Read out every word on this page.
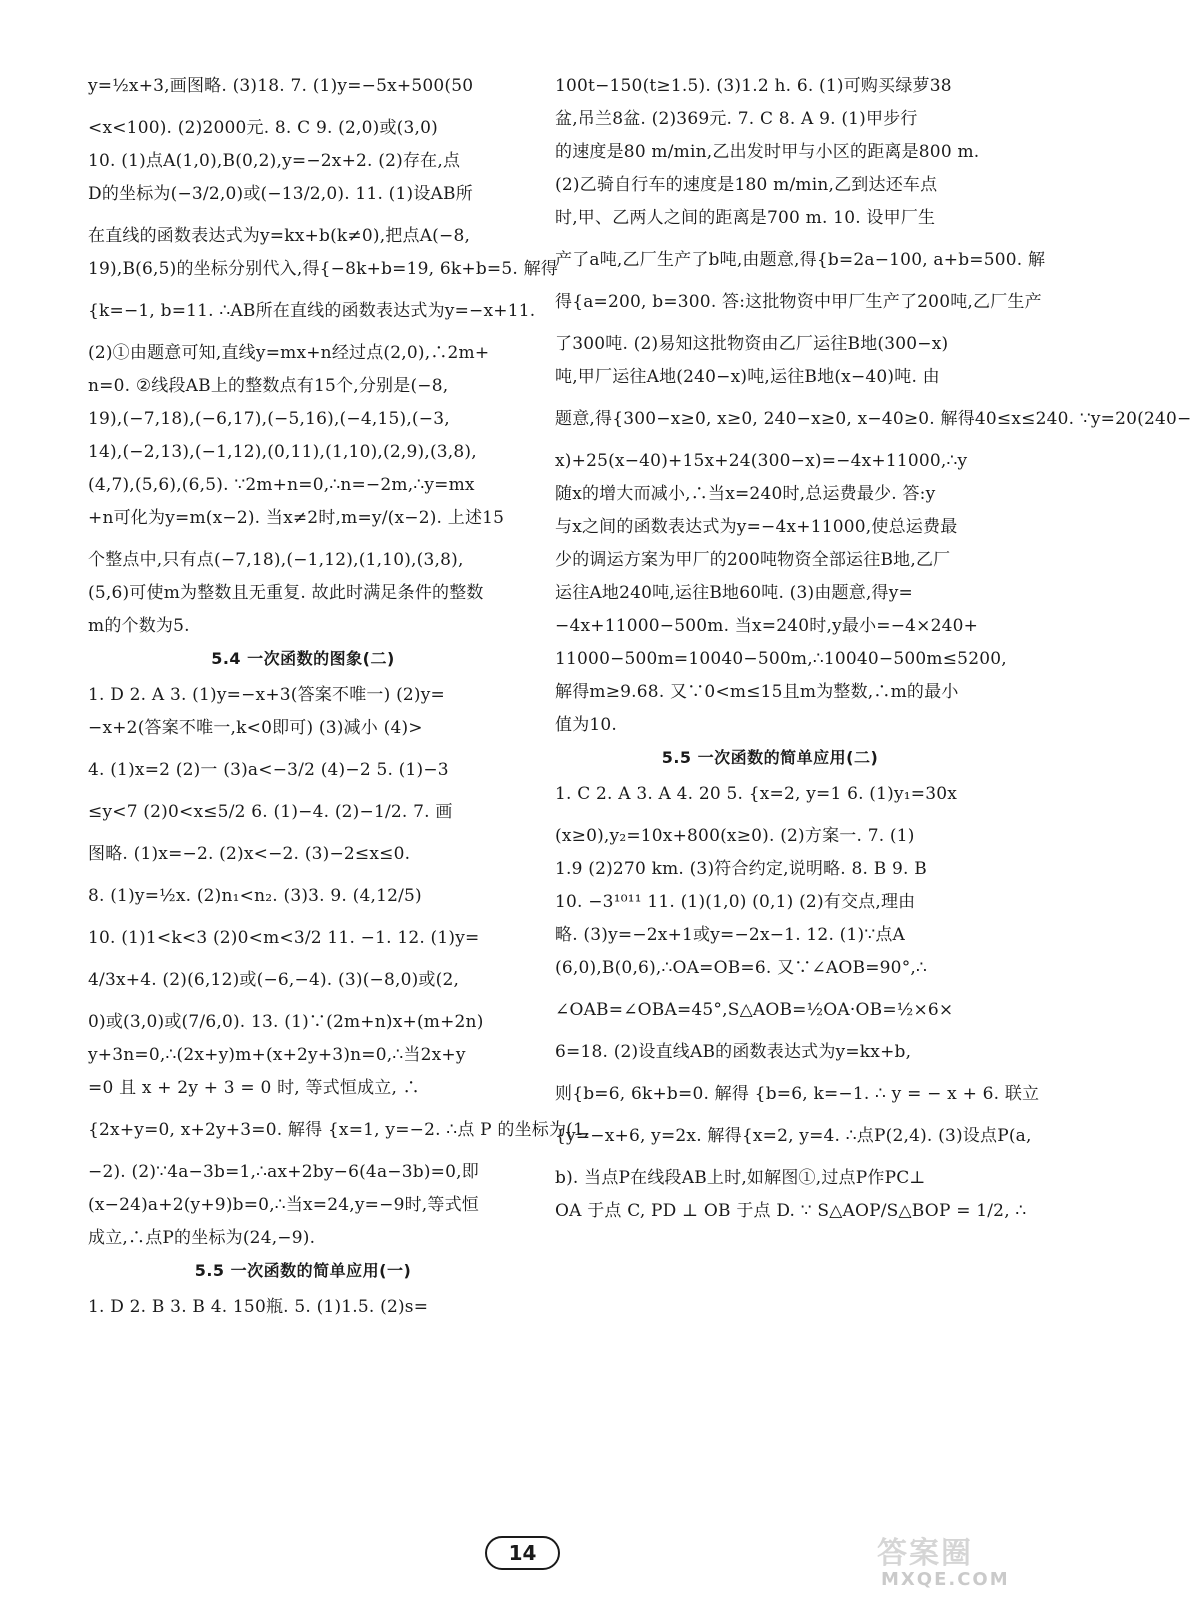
y=½x+3,画图略. (3)18. 7. (1)y=−5x+500(50
<x<100). (2)2000元. 8. C 9. (2,0)或(3,0)
10. (1)点A(1,0),B(0,2),y=−2x+2. (2)存在,点
D的坐标为(−3/2,0)或(−13/2,0). 11. (1)设AB所
在直线的函数表达式为y=kx+b(k≠0),把点A(−8,
19),B(6,5)的坐标分别代入,得{−8k+b=19, 6k+b=5. 解得
{k=−1, b=11. ∴AB所在直线的函数表达式为y=−x+11.
(2)①由题意可知,直线y=mx+n经过点(2,0),∴2m+
n=0. ②线段AB上的整数点有15个,分别是(−8,
19),(−7,18),(−6,17),(−5,16),(−4,15),(−3,
14),(−2,13),(−1,12),(0,11),(1,10),(2,9),(3,8),
(4,7),(5,6),(6,5). ∵2m+n=0,∴n=−2m,∴y=mx
+n可化为y=m(x−2). 当x≠2时,m=y/(x−2). 上述15
个整点中,只有点(−7,18),(−1,12),(1,10),(3,8),
(5,6)可使m为整数且无重复. 故此时满足条件的整数
m的个数为5.
5.4 一次函数的图象(二)
1. D 2. A 3. (1)y=−x+3(答案不唯一) (2)y=
−x+2(答案不唯一,k<0即可) (3)减小 (4)>
4. (1)x=2 (2)一 (3)a<−3/2 (4)−2 5. (1)−3
≤y<7 (2)0<x≤5/2 6. (1)−4. (2)−1/2. 7. 画
图略. (1)x=−2. (2)x<−2. (3)−2≤x≤0.
8. (1)y=½x. (2)n₁<n₂. (3)3. 9. (4,12/5)
10. (1)1<k<3 (2)0<m<3/2 11. −1. 12. (1)y=
4/3x+4. (2)(6,12)或(−6,−4). (3)(−8,0)或(2,
0)或(3,0)或(7/6,0). 13. (1)∵(2m+n)x+(m+2n)
y+3n=0,∴(2x+y)m+(x+2y+3)n=0,∴当2x+y
=0 且 x + 2y + 3 = 0 时, 等式恒成立, ∴
{2x+y=0, x+2y+3=0. 解得 {x=1, y=−2. ∴点 P 的坐标为(1,
−2). (2)∵4a−3b=1,∴ax+2by−6(4a−3b)=0,即
(x−24)a+2(y+9)b=0,∴当x=24,y=−9时,等式恒
成立,∴点P的坐标为(24,−9).
5.5 一次函数的简单应用(一)
1. D 2. B 3. B 4. 150瓶. 5. (1)1.5. (2)s=
100t−150(t≥1.5). (3)1.2 h. 6. (1)可购买绿萝38
盆,吊兰8盆. (2)369元. 7. C 8. A 9. (1)甲步行
的速度是80 m/min,乙出发时甲与小区的距离是800 m.
(2)乙骑自行车的速度是180 m/min,乙到达还车点
时,甲、乙两人之间的距离是700 m. 10. 设甲厂生
产了a吨,乙厂生产了b吨,由题意,得{b=2a−100, a+b=500. 解
得{a=200, b=300. 答:这批物资中甲厂生产了200吨,乙厂生产
了300吨. (2)易知这批物资由乙厂运往B地(300−x)
吨,甲厂运往A地(240−x)吨,运往B地(x−40)吨. 由
题意,得{300−x≥0, x≥0, 240−x≥0, x−40≥0. 解得40≤x≤240. ∵y=20(240−
x)+25(x−40)+15x+24(300−x)=−4x+11000,∴y
随x的增大而减小,∴当x=240时,总运费最少. 答:y
与x之间的函数表达式为y=−4x+11000,使总运费最
少的调运方案为甲厂的200吨物资全部运往B地,乙厂
运往A地240吨,运往B地60吨. (3)由题意,得y=
−4x+11000−500m. 当x=240时,y最小=−4×240+
11000−500m=10040−500m,∴10040−500m≤5200,
解得m≥9.68. 又∵0<m≤15且m为整数,∴m的最小
值为10.
5.5 一次函数的简单应用(二)
1. C 2. A 3. A 4. 20 5. {x=2, y=1 6. (1)y₁=30x
(x≥0),y₂=10x+800(x≥0). (2)方案一. 7. (1)
1.9 (2)270 km. (3)符合约定,说明略. 8. B 9. B
10. −3¹⁰¹¹ 11. (1)(1,0) (0,1) (2)有交点,理由
略. (3)y=−2x+1或y=−2x−1. 12. (1)∵点A
(6,0),B(0,6),∴OA=OB=6. 又∵∠AOB=90°,∴
∠OAB=∠OBA=45°,S△AOB=½OA·OB=½×6×
6=18. (2)设直线AB的函数表达式为y=kx+b,
则{b=6, 6k+b=0. 解得 {b=6, k=−1. ∴ y = − x + 6. 联立
{y=−x+6, y=2x. 解得{x=2, y=4. ∴点P(2,4). (3)设点P(a,
b). 当点P在线段AB上时,如解图①,过点P作PC⊥
OA 于点 C, PD ⊥ OB 于点 D. ∵ S△AOP/S△BOP = 1/2, ∴
14	答案圈
MXQE.COM
